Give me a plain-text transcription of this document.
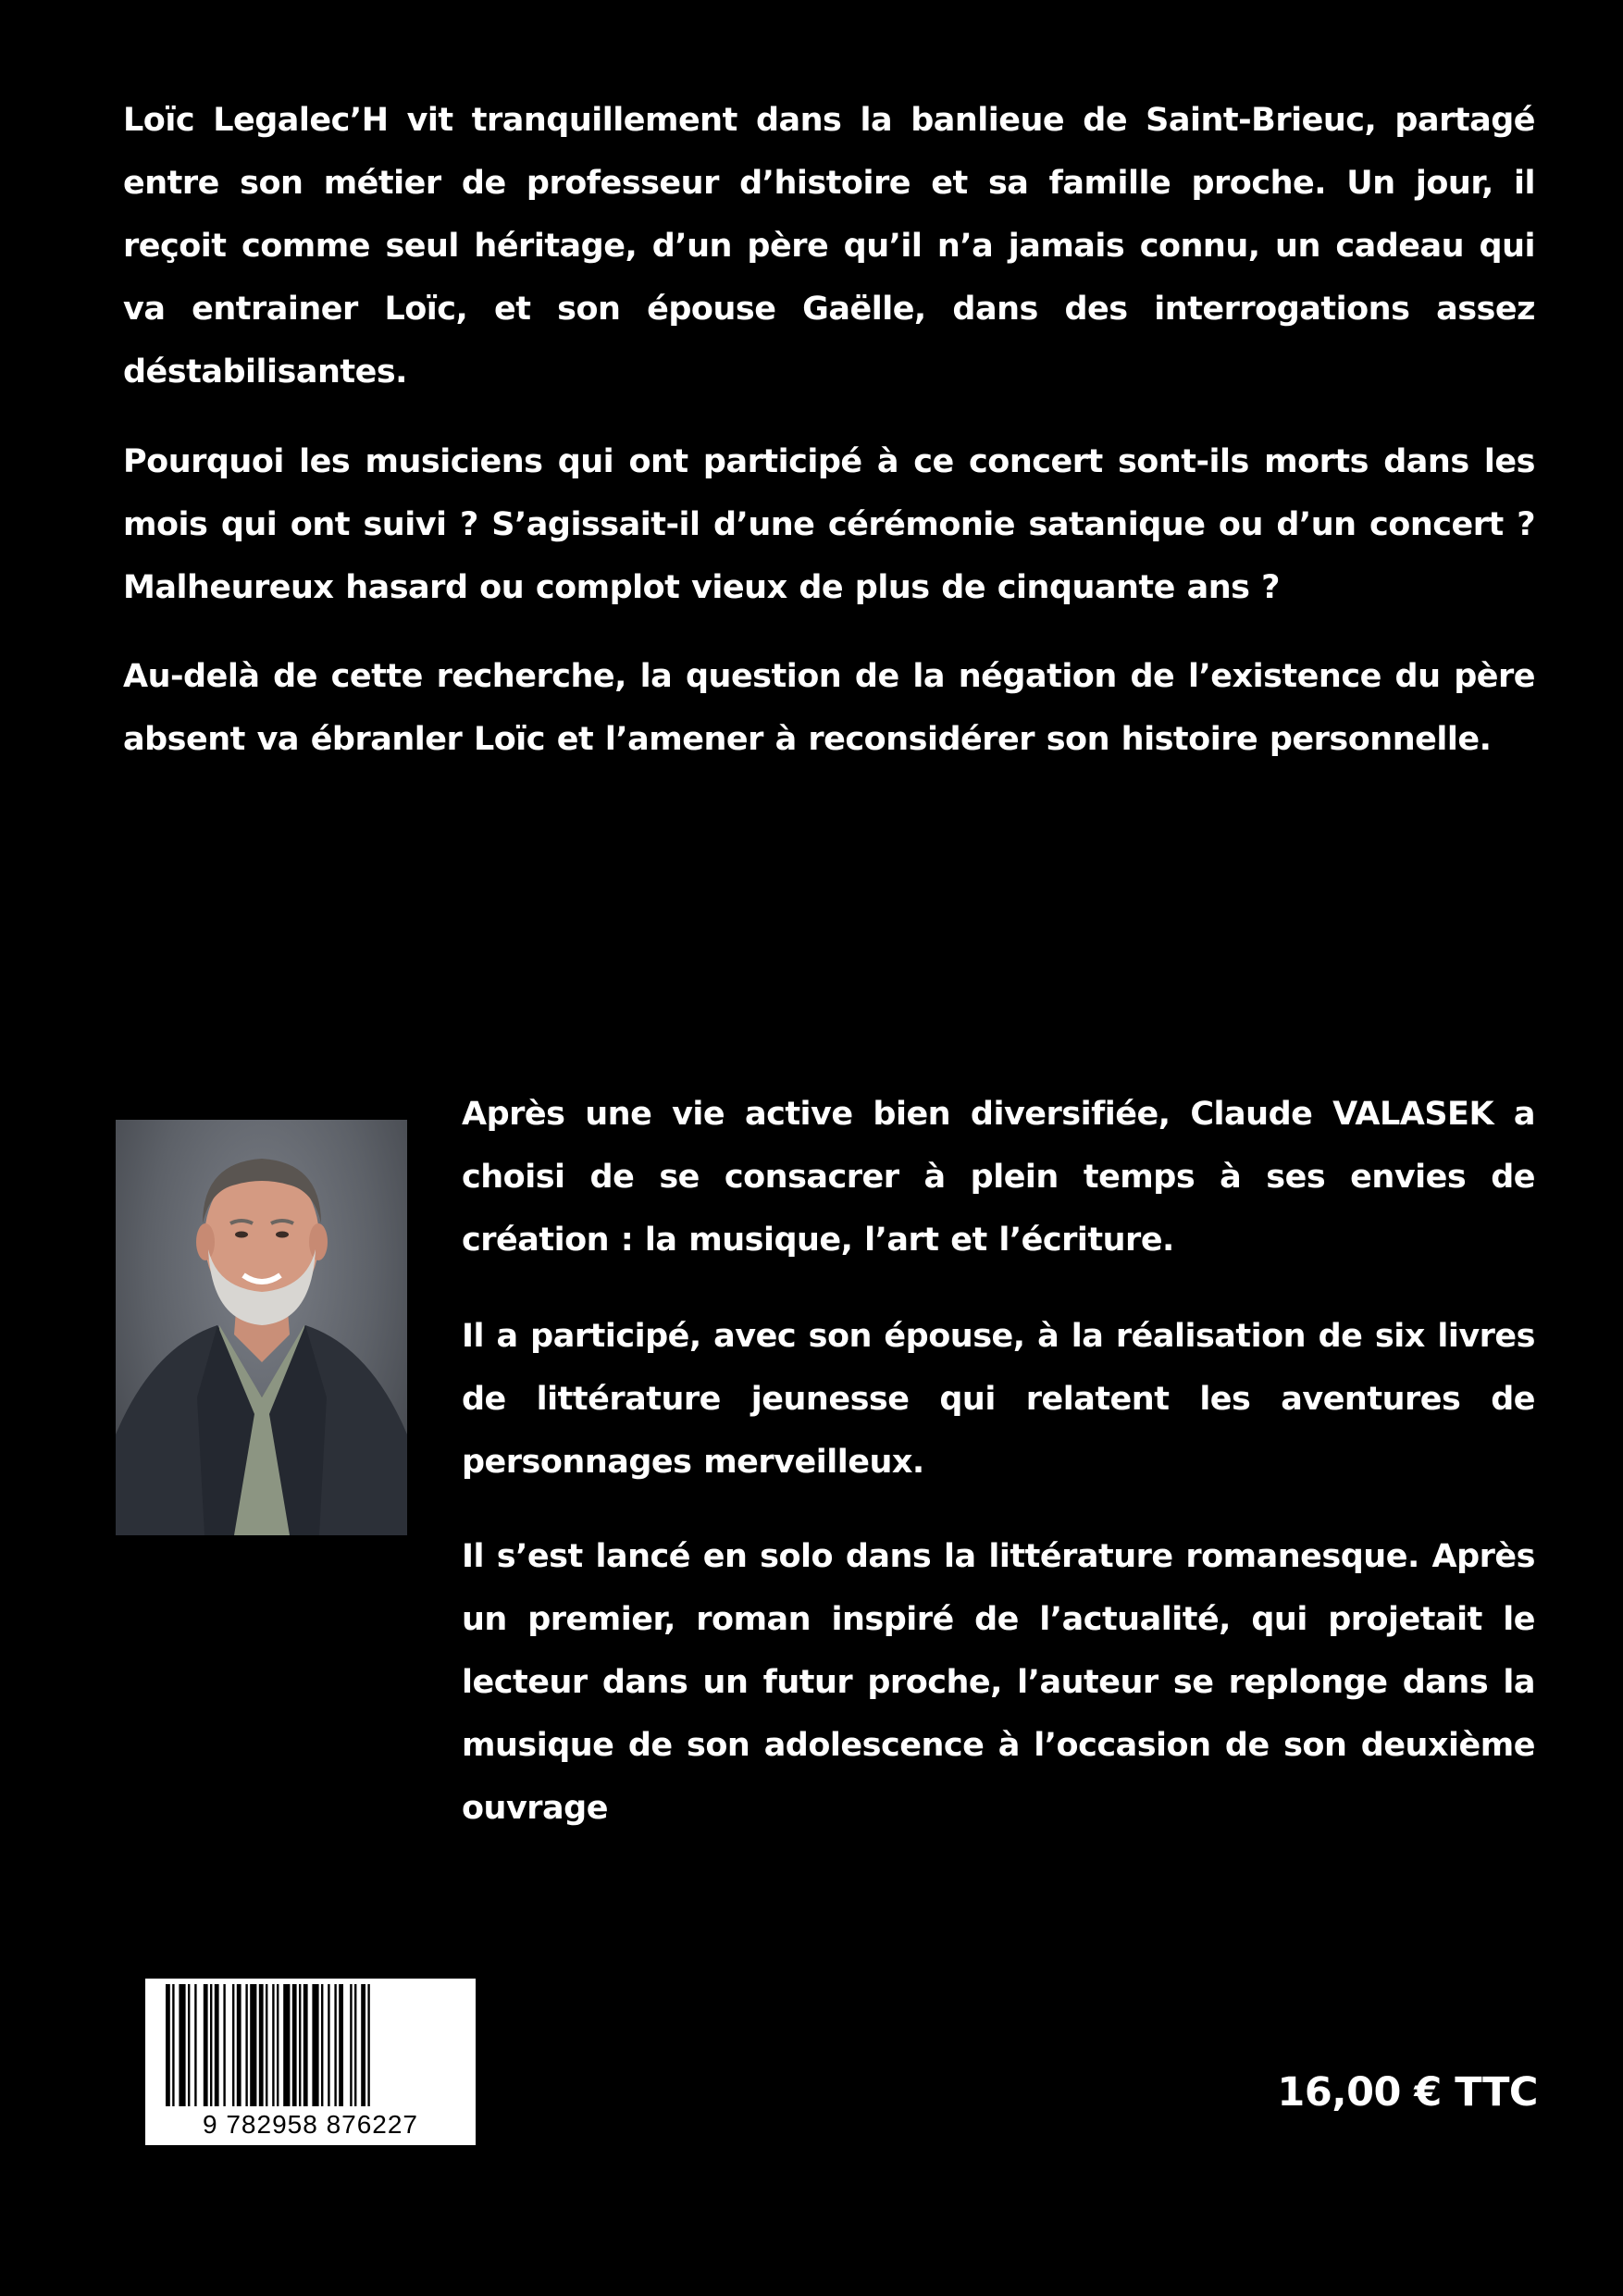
Loïc Legalec’H vit tranquillement dans la banlieue de Saint-Brieuc, partagé entre son métier de professeur d’histoire et sa famille proche. Un jour, il reçoit comme seul héritage, d’un père qu’il n’a jamais connu, un cadeau qui va entrainer Loïc, et son épouse Gaëlle, dans des interrogations assez déstabilisantes.

Pourquoi les musiciens qui ont participé à ce concert sont-ils morts dans les mois qui ont suivi ? S’agissait-il d’une cérémonie satanique ou d’un concert ? Malheureux hasard ou complot vieux de plus de cinquante ans ?

Au-delà de cette recherche, la question de la négation de l’existence du père absent va ébranler Loïc et l’amener à reconsidérer son histoire personnelle.

Après une vie active bien diversifiée, Claude VALASEK a choisi de se consacrer à plein temps à ses envies de création : la musique, l’art et l’écriture.

Il a participé, avec son épouse, à la réalisation de six livres de littérature jeunesse qui relatent les aventures de personnages merveilleux.

Il s’est lancé en solo dans la littérature romanesque. Après un premier, roman inspiré de l’actualité, qui projetait le lecteur dans un futur proche, l’auteur se replonge dans la musique de son adolescence à l’occasion de son deuxième ouvrage

9 782958 876227
16,00 € TTC
